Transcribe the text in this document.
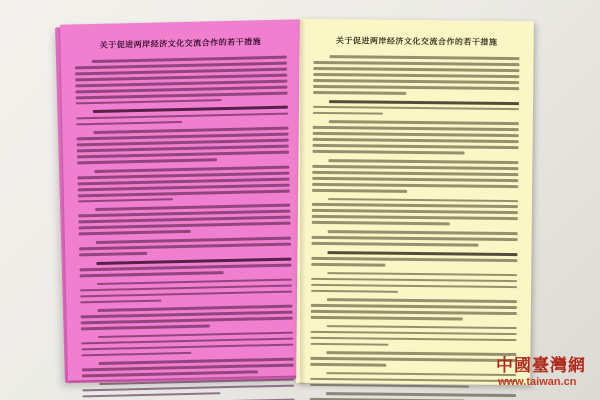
关于促进两岸经济文化交流合作的若干措施	关于促进两岸经济文化交流合作的若干措施
中國臺灣網
www.taiwan.cn
